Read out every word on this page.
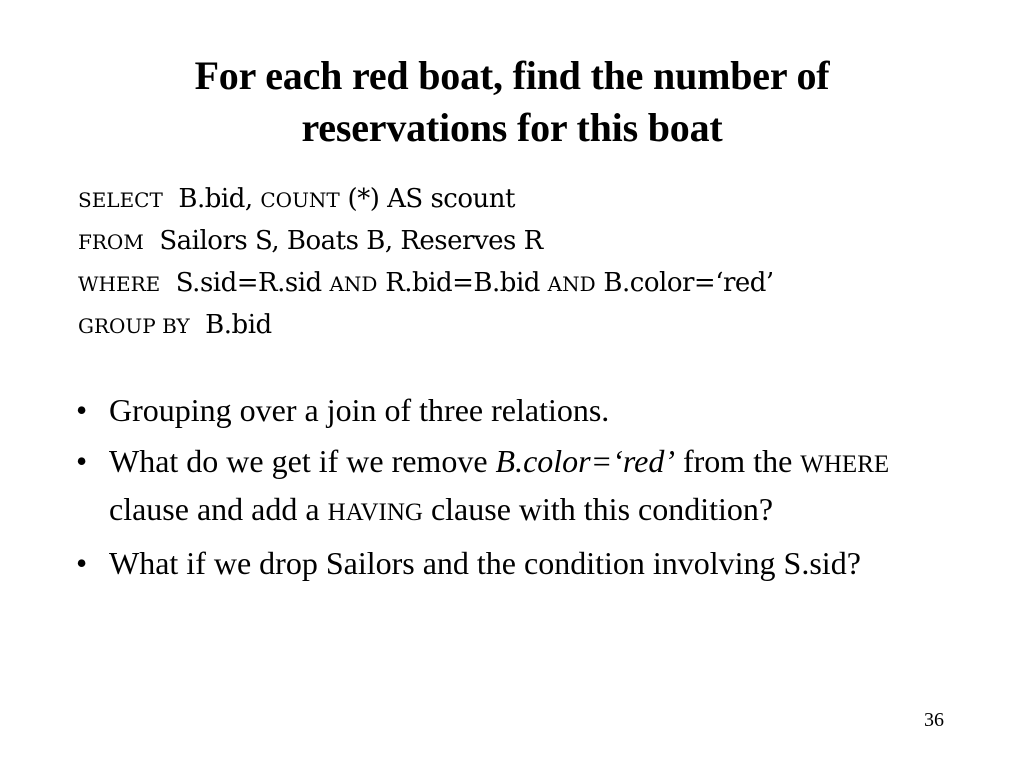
For each red boat, find the number of
reservations for this boat
SELECT  B.bid, COUNT (*) AS scount
FROM  Sailors S, Boats B, Reserves R
WHERE  S.sid=R.sid AND R.bid=B.bid AND B.color=‘red’
GROUP BY  B.bid
• Grouping over a join of three relations.
• What do we get if we remove B.color=‘red’ from the WHERE clause and add a HAVING clause with this condition?
• What if we drop Sailors and the condition involving S.sid?
36
